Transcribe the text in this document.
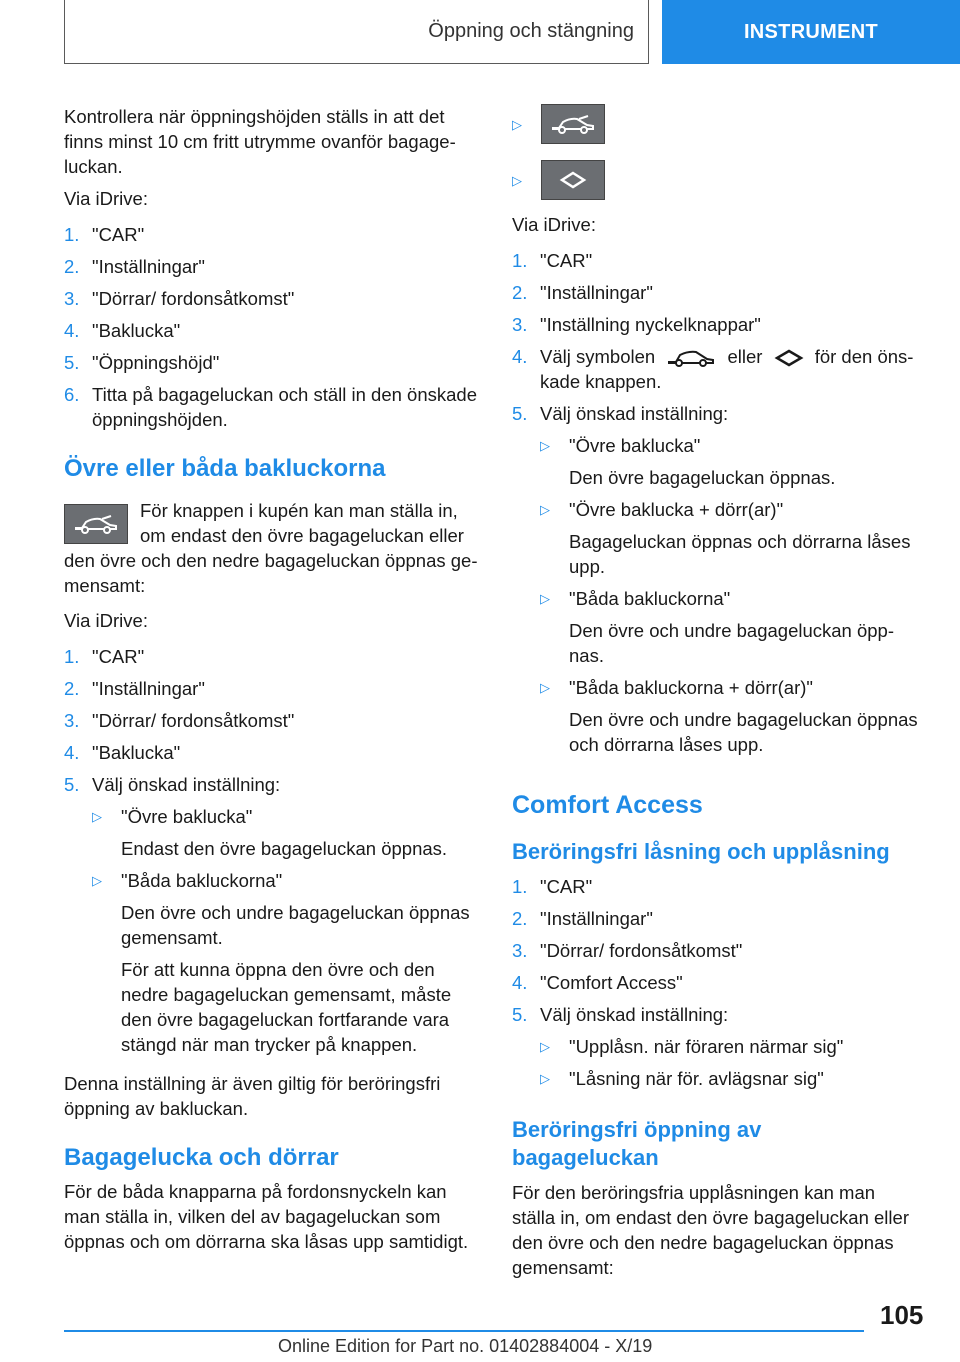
Öppning och stängning	INSTRUMENT

Kontrollera när öppningshöjden ställs in att det finns minst 10 cm fritt utrymme ovanför bagageluckan.

Via iDrive:

1. "CAR"
2. "Inställningar"
3. "Dörrar/ fordonsåtkomst"
4. "Baklucka"
5. "Öppningshöjd"
6. Titta på bagageluckan och ställ in den önskade öppningshöjden.
Övre eller båda bakluckorna

För knappen i kupén kan man ställa in, om endast den övre bagageluckan eller den övre och den nedre bagageluckan öppnas gemensamt:

Via iDrive:

1. "CAR"
2. "Inställningar"
3. "Dörrar/ fordonsåtkomst"
4. "Baklucka"
5. Välj önskad inställning:
▷	"Övre baklucka"

Endast den övre bagageluckan öppnas.

▷	"Båda bakluckorna"

Den övre och undre bagageluckan öppnas gemensamt.

För att kunna öppna den övre och den nedre bagageluckan gemensamt, måste den övre bagageluckan fortfarande vara stängd när man trycker på knappen.

Denna inställning är även giltig för beröringsfri öppning av bakluckan.

Bagagelucka och dörrar

För de båda knapparna på fordonsnyckeln kan man ställa in, vilken del av bagageluckan som öppnas och om dörrarna ska låsas upp samtidigt.

▷
▷

Via iDrive:

1. "CAR"
2. "Inställningar"
3. "Inställning nyckelknappar"
4. Välj symbolen	eller	för den önskade knappen.
5. Välj önskad inställning:
▷	"Övre baklucka"

Den övre bagageluckan öppnas.

▷	"Övre baklucka + dörr(ar)"

Bagageluckan öppnas och dörrarna låses upp.

▷	"Båda bakluckorna"

Den övre och undre bagageluckan öppnas.

▷	"Båda bakluckorna + dörr(ar)"

Den övre och undre bagageluckan öppnas och dörrarna låses upp.

Comfort Access
Beröringsfri låsning och upplåsning
1. "CAR"
2. "Inställningar"
3. "Dörrar/ fordonsåtkomst"
4. "Comfort Access"
5. Välj önskad inställning:
▷	"Upplåsn. när föraren närmar sig"
▷	"Låsning när för. avlägsnar sig"
Beröringsfri öppning av bagageluckan

För den beröringsfria upplåsningen kan man ställa in, om endast den övre bagageluckan eller den övre och den nedre bagageluckan öppnas gemensamt:

105
Online Edition for Part no. 01402884004 - X/19
